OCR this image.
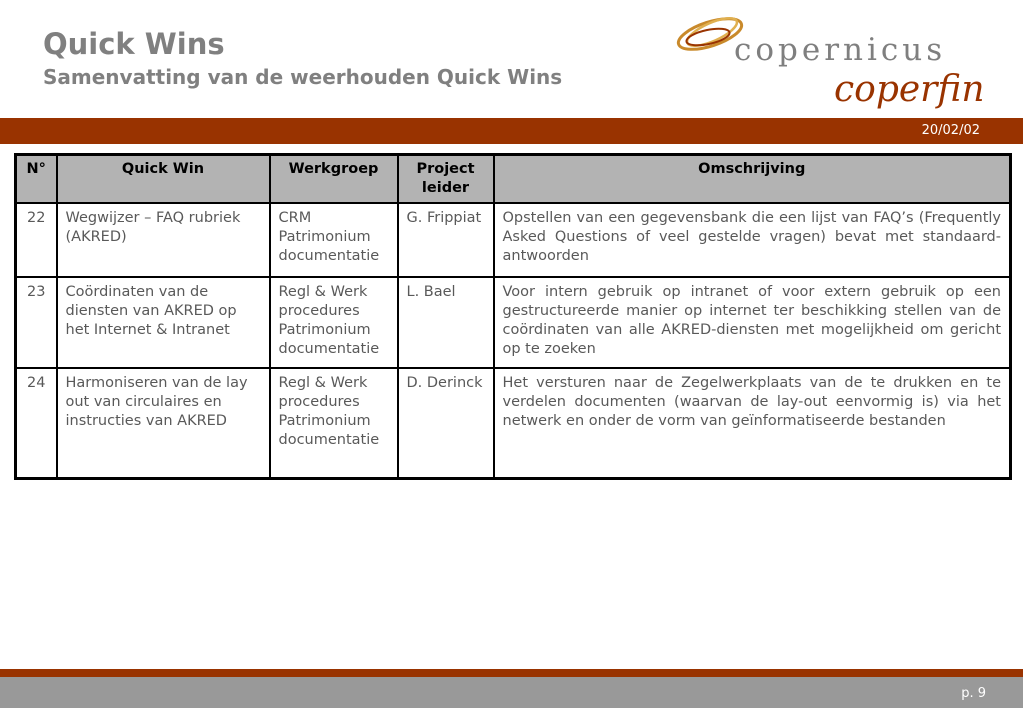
Quick Wins
Samenvatting van de weerhouden Quick Wins
copernicus
coperfin
20/02/02
N°	Quick Win	Werkgroep	Project leider	Omschrijving
22	Wegwijzer – FAQ rubriek (AKRED)	CRM Patrimonium documentatie	G. Frippiat	Opstellen van een gegevensbank die een lijst van FAQ’s (Frequently Asked Questions of veel gestelde vragen) bevat met standaard-antwoorden
23	Coördinaten van de diensten van AKRED op het Internet & Intranet	Regl & Werk procedures Patrimonium documentatie	L. Bael	Voor intern gebruik op intranet of voor extern gebruik op een gestructureerde manier op internet ter beschikking stellen van de coördinaten van alle AKRED-diensten met mogelijkheid om gericht op te zoeken
24	Harmoniseren van de lay out van circulaires en instructies van AKRED	Regl & Werk procedures Patrimonium documentatie	D. Derinck	Het versturen naar de Zegelwerkplaats van de te drukken en te verdelen documenten (waarvan de lay-out eenvormig is) via het netwerk en onder de vorm van geïnformatiseerde bestanden
p. 9
